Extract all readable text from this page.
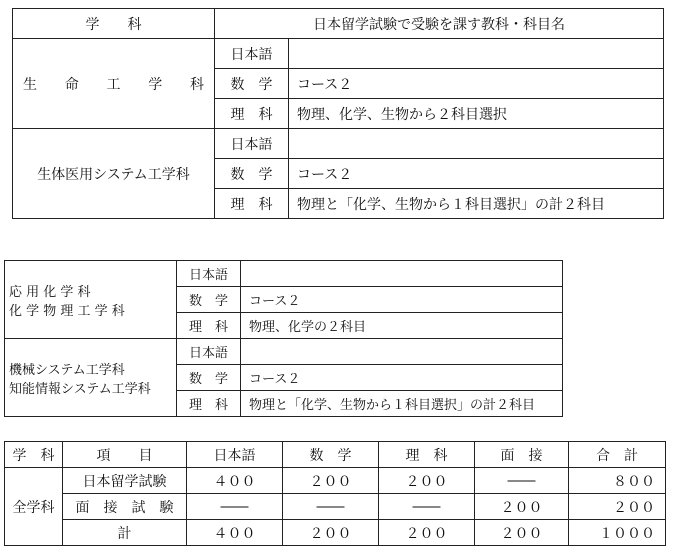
学　　科	日本留学試験で受験を課す教科・科目名	

生 命 工 学 科	日本語	
	数　学	コース２
	理　科	物理、化学、生物から２科目選択
生体医用システム工学科	日本語	
	数　学	コース２
	理　科	物理と「化学、生物から１科目選択」の計２科目
応 用 化 学 科
化 学 物 理 工 学 科	日本語	
	数　学	コース２
	理　科	物理、化学の２科目

機械システム工学科
知能情報システム工学科	日本語	
	数　学	コース２
	理　科	物理と「化学、生物から１科目選択」の計２科目
学　科	項　　目	日本語	数　学	理　科	面　接	合　計
全学科	日本留学試験	４００	２００	２００	――	８００
	面　接　試　験	――	――	――	２００	２００
	計	４００	２００	２００	２００	１０００
